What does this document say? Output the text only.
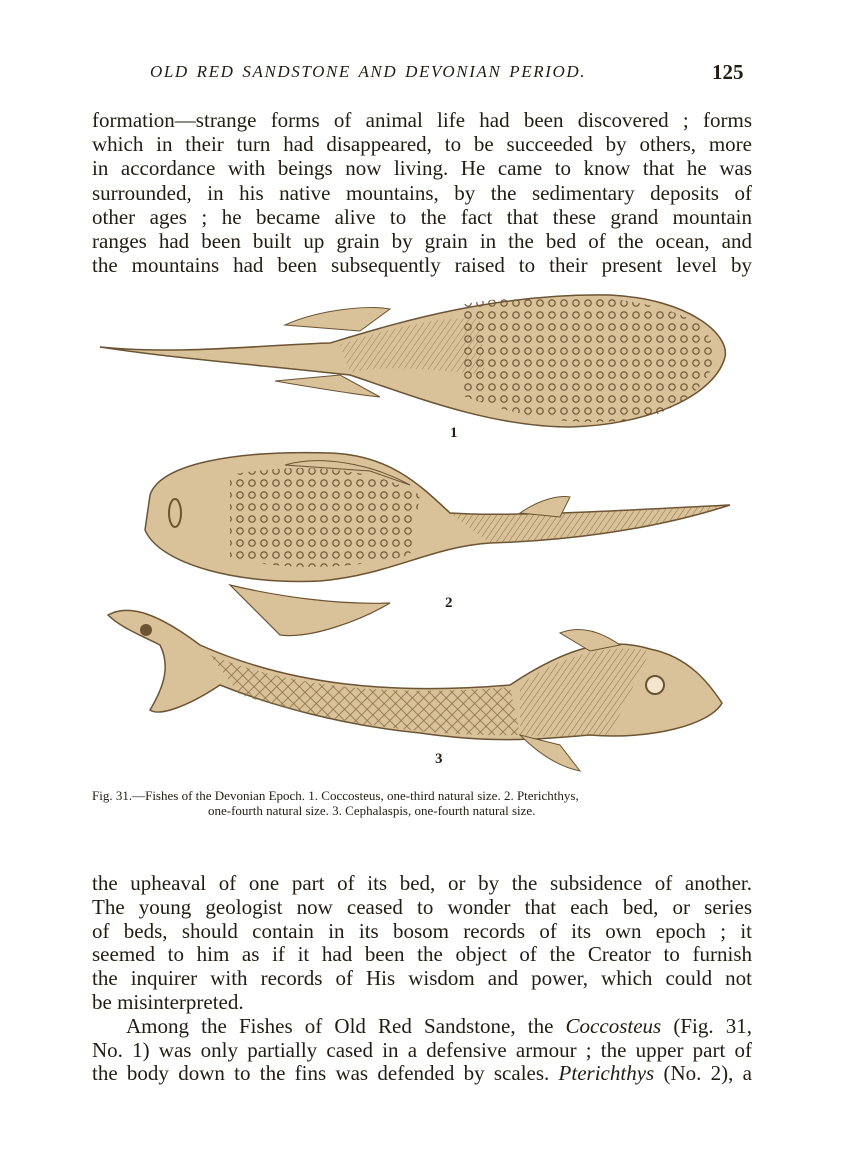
OLD RED SANDSTONE AND DEVONIAN PERIOD.	125
formation—strange forms of animal life had been discovered ; forms
which in their turn had disappeared, to be succeeded by others, more
in accordance with beings now living. He came to know that he was
surrounded, in his native mountains, by the sedimentary deposits of
other ages ; he became alive to the fact that these grand mountain
ranges had been built up grain by grain in the bed of the ocean, and
the mountains had been subsequently raised to their present level by
1
2
3
Fig. 31.—Fishes of the Devonian Epoch. 1. Coccosteus, one-third natural size. 2. Pterichthys,
one-fourth natural size. 3. Cephalaspis, one-fourth natural size.
the upheaval of one part of its bed, or by the subsidence of another.
The young geologist now ceased to wonder that each bed, or series
of beds, should contain in its bosom records of its own epoch ; it
seemed to him as if it had been the object of the Creator to furnish
the inquirer with records of His wisdom and power, which could not
be misinterpreted.
Among the Fishes of Old Red Sandstone, the Coccosteus (Fig. 31,
No. 1) was only partially cased in a defensive armour ; the upper part of
the body down to the fins was defended by scales. Pterichthys (No. 2), a
